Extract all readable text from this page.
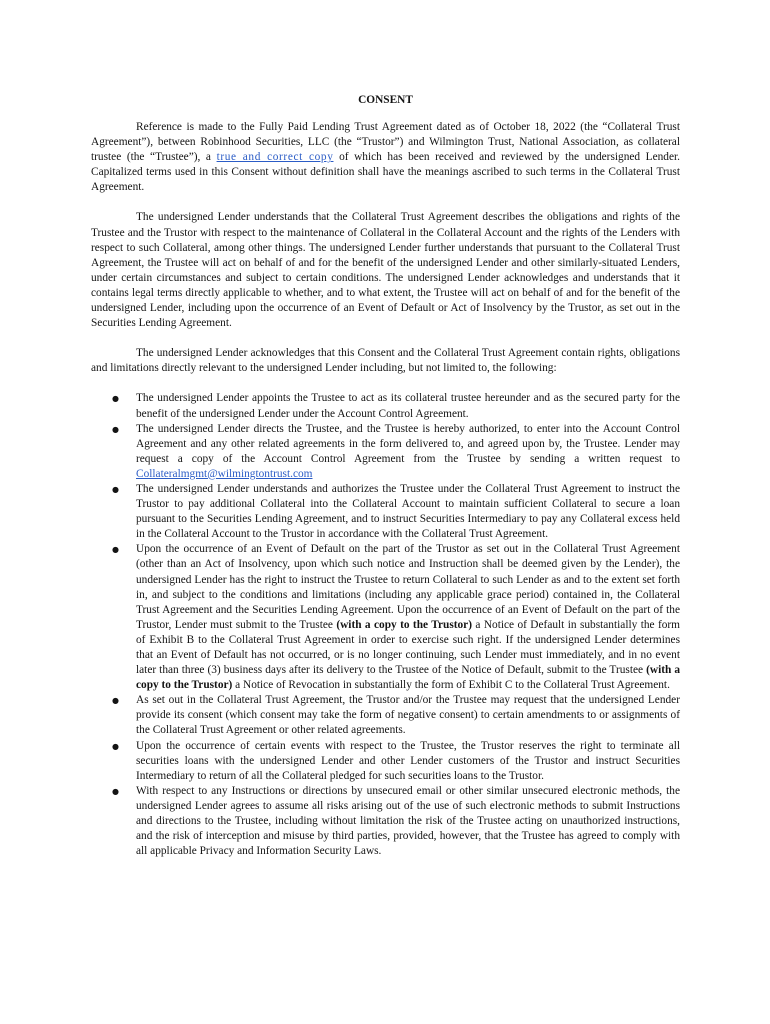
CONSENT

Reference is made to the Fully Paid Lending Trust Agreement dated as of October 18, 2022 (the “Collateral Trust Agreement”), between Robinhood Securities, LLC (the “Trustor”) and Wilmington Trust, National Association, as collateral trustee (the “Trustee”), a true and correct copy of which has been received and reviewed by the undersigned Lender. Capitalized terms used in this Consent without definition shall have the meanings ascribed to such terms in the Collateral Trust Agreement.

The undersigned Lender understands that the Collateral Trust Agreement describes the obligations and rights of the Trustee and the Trustor with respect to the maintenance of Collateral in the Collateral Account and the rights of the Lenders with respect to such Collateral, among other things. The undersigned Lender further understands that pursuant to the Collateral Trust Agreement, the Trustee will act on behalf of and for the benefit of the undersigned Lender and other similarly-situated Lenders, under certain circumstances and subject to certain conditions. The undersigned Lender acknowledges and understands that it contains legal terms directly applicable to whether, and to what extent, the Trustee will act on behalf of and for the benefit of the undersigned Lender, including upon the occurrence of an Event of Default or Act of Insolvency by the Trustor, as set out in the Securities Lending Agreement.

The undersigned Lender acknowledges that this Consent and the Collateral Trust Agreement contain rights, obligations and limitations directly relevant to the undersigned Lender including, but not limited to, the following:

● The undersigned Lender appoints the Trustee to act as its collateral trustee hereunder and as the secured party for the benefit of the undersigned Lender under the Account Control Agreement.
● The undersigned Lender directs the Trustee, and the Trustee is hereby authorized, to enter into the Account Control Agreement and any other related agreements in the form delivered to, and agreed upon by, the Trustee. Lender may request a copy of the Account Control Agreement from the Trustee by sending a written request to Collateralmgmt@wilmingtontrust.com
● The undersigned Lender understands and authorizes the Trustee under the Collateral Trust Agreement to instruct the Trustor to pay additional Collateral into the Collateral Account to maintain sufficient Collateral to secure a loan pursuant to the Securities Lending Agreement, and to instruct Securities Intermediary to pay any Collateral excess held in the Collateral Account to the Trustor in accordance with the Collateral Trust Agreement.
● Upon the occurrence of an Event of Default on the part of the Trustor as set out in the Collateral Trust Agreement (other than an Act of Insolvency, upon which such notice and Instruction shall be deemed given by the Lender), the undersigned Lender has the right to instruct the Trustee to return Collateral to such Lender as and to the extent set forth in, and subject to the conditions and limitations (including any applicable grace period) contained in, the Collateral Trust Agreement and the Securities Lending Agreement. Upon the occurrence of an Event of Default on the part of the Trustor, Lender must submit to the Trustee (with a copy to the Trustor) a Notice of Default in substantially the form of Exhibit B to the Collateral Trust Agreement in order to exercise such right. If the undersigned Lender determines that an Event of Default has not occurred, or is no longer continuing, such Lender must immediately, and in no event later than three (3) business days after its delivery to the Trustee of the Notice of Default, submit to the Trustee (with a copy to the Trustor) a Notice of Revocation in substantially the form of Exhibit C to the Collateral Trust Agreement.
● As set out in the Collateral Trust Agreement, the Trustor and/or the Trustee may request that the undersigned Lender provide its consent (which consent may take the form of negative consent) to certain amendments to or assignments of the Collateral Trust Agreement or other related agreements.
● Upon the occurrence of certain events with respect to the Trustee, the Trustor reserves the right to terminate all securities loans with the undersigned Lender and other Lender customers of the Trustor and instruct Securities Intermediary to return of all the Collateral pledged for such securities loans to the Trustor.
● With respect to any Instructions or directions by unsecured email or other similar unsecured electronic methods, the undersigned Lender agrees to assume all risks arising out of the use of such electronic methods to submit Instructions and directions to the Trustee, including without limitation the risk of the Trustee acting on unauthorized instructions, and the risk of interception and misuse by third parties, provided, however, that the Trustee has agreed to comply with all applicable Privacy and Information Security Laws.
